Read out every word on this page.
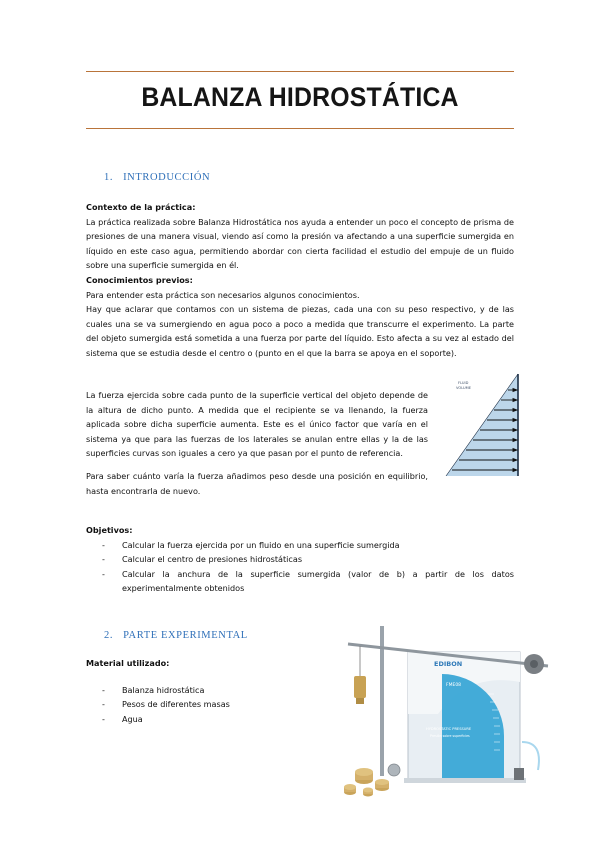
BALANZA HIDROSTÁTICA
1. INTRODUCCIÓN

Contexto de la práctica:

La práctica realizada sobre Balanza Hidrostática nos ayuda a entender un poco el concepto de prisma de presiones de una manera visual, viendo así como la presión va afectando a una superficie sumergida en líquido en este caso agua, permitiendo abordar con cierta facilidad el estudio del empuje de un fluido sobre una superficie sumergida en él.

Conocimientos previos:

Para entender esta práctica son necesarios algunos conocimientos.

Hay que aclarar que contamos con un sistema de piezas, cada una con su peso respectivo, y de las cuales una se va sumergiendo en agua poco a poco a medida que transcurre el experimento. La parte del objeto sumergida está sometida a una fuerza por parte del líquido. Esto afecta a su vez al estado del sistema que se estudia desde el centro o (punto en el que la barra se apoya en el soporte).

La fuerza ejercida sobre cada punto de la superficie vertical del objeto depende de la altura de dicho punto. A medida que el recipiente se va llenando, la fuerza aplicada sobre dicha superficie aumenta. Este es el único factor que varía en el sistema ya que para las fuerzas de los laterales se anulan entre ellas y la de las superficies curvas son iguales a cero ya que pasan por el punto de referencia.

Para saber cuánto varía la fuerza añadimos peso desde una posición en equilibrio, hasta encontrarla de nuevo.

FLUID
VOLUME

Objetivos:

- Calcular la fuerza ejercida por un fluido en una superficie sumergida
- Calcular el centro de presiones hidrostáticas
- Calcular la anchura de la superficie sumergida (valor de b) a partir de los datos experimentalmente obtenidos
2. PARTE EXPERIMENTAL

Material utilizado:

- Balanza hidrostática
- Pesos de diferentes masas
- Agua
EDIBON
FME08
HYDROSTATIC PRESSURE
Presión sobre superficies
